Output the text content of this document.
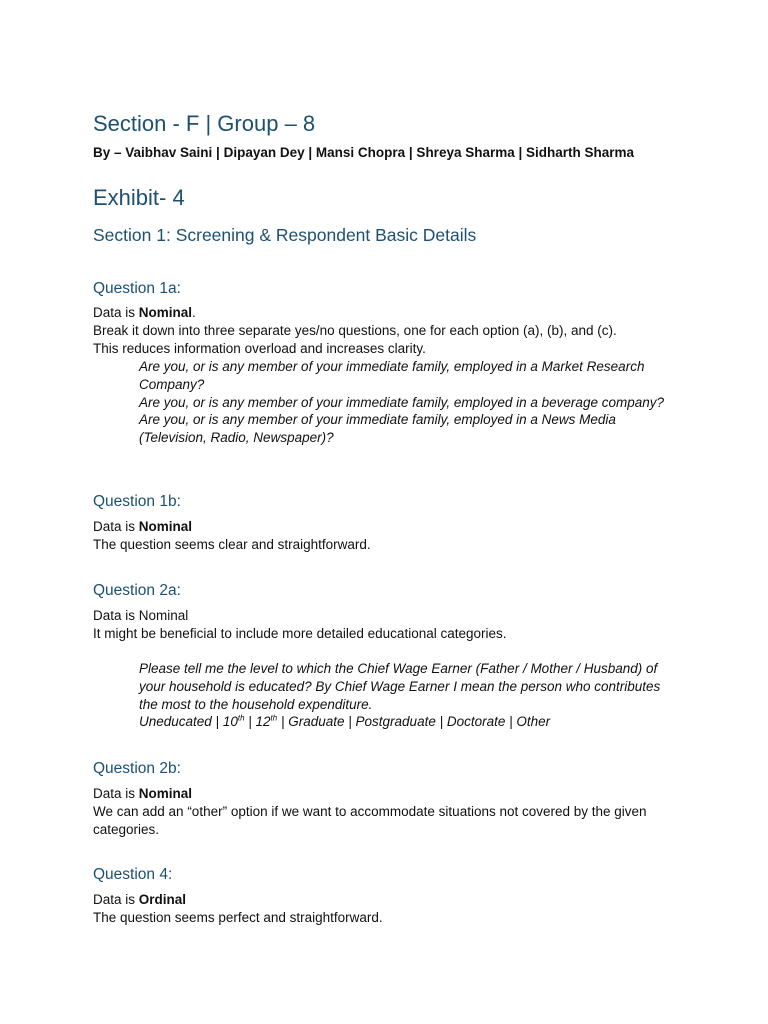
Section - F | Group – 8
By – Vaibhav Saini | Dipayan Dey | Mansi Chopra | Shreya Sharma | Sidharth Sharma
Exhibit- 4
Section 1: Screening & Respondent Basic Details
Question 1a:
Data is Nominal.
Break it down into three separate yes/no questions, one for each option (a), (b), and (c).
This reduces information overload and increases clarity.

Are you, or is any member of your immediate family, employed in a Market Research Company?

Are you, or is any member of your immediate family, employed in a beverage company?

Are you, or is any member of your immediate family, employed in a News Media (Television, Radio, Newspaper)?

Question 1b:
Data is Nominal
The question seems clear and straightforward.
Question 2a:
Data is Nominal
It might be beneficial to include more detailed educational categories.

Please tell me the level to which the Chief Wage Earner (Father / Mother / Husband) of your household is educated? By Chief Wage Earner I mean the person who contributes the most to the household expenditure.

Uneducated | 10th | 12th | Graduate | Postgraduate | Doctorate | Other

Question 2b:
Data is Nominal
We can add an “other” option if we want to accommodate situations not covered by the given categories.
Question 4:
Data is Ordinal
The question seems perfect and straightforward.
